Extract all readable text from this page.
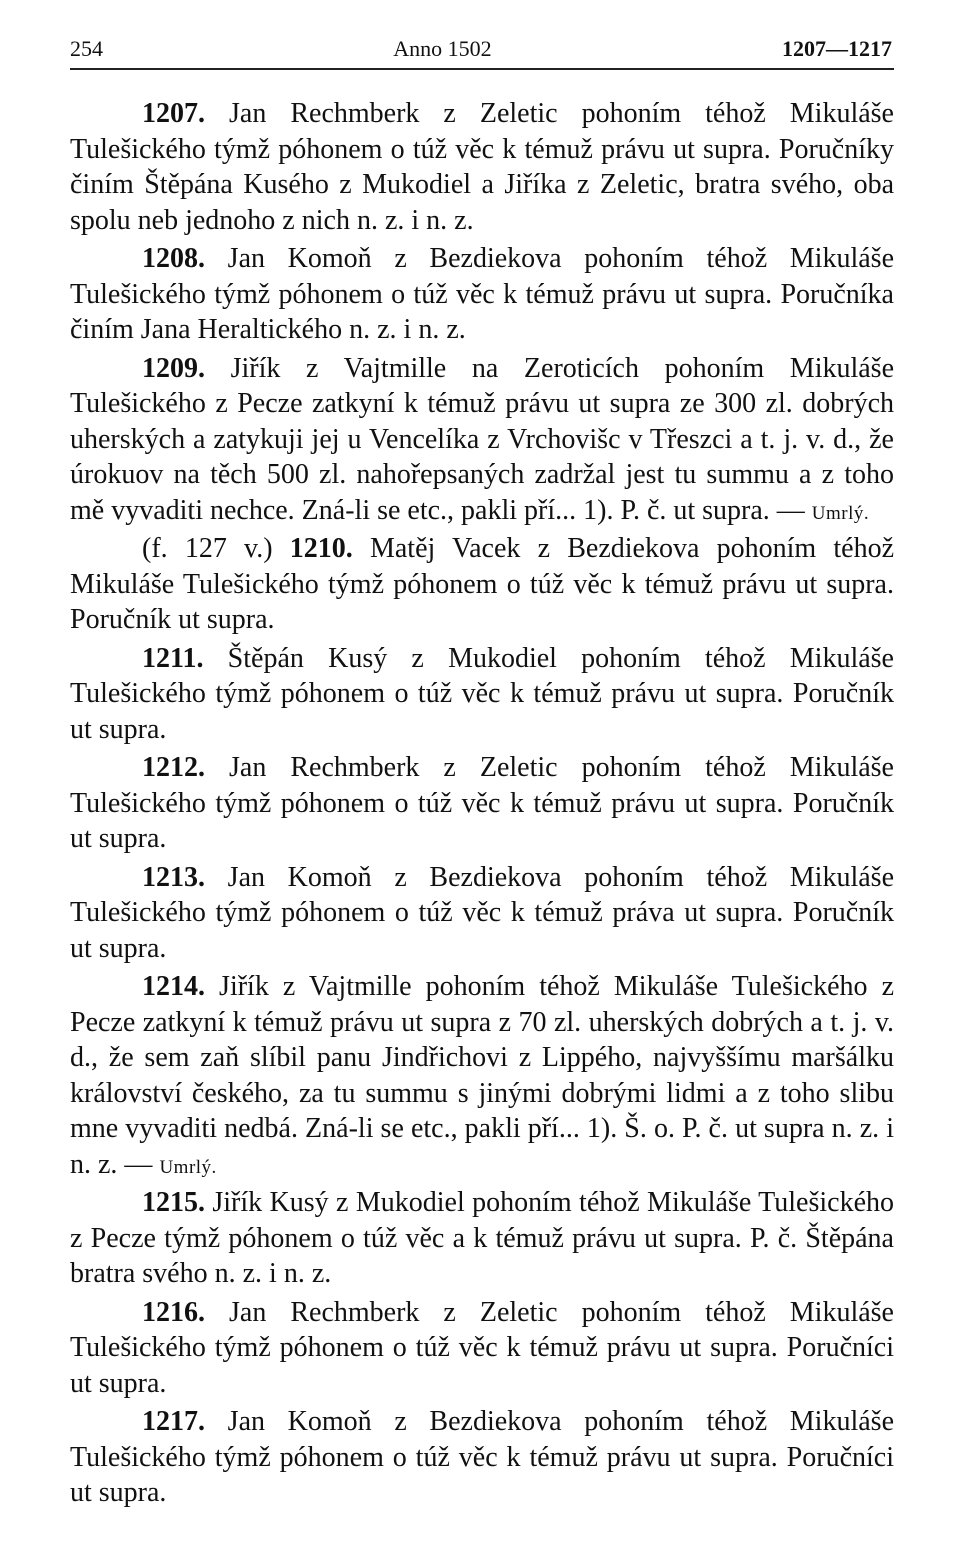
254	Anno 1502	1207—1217

1207. Jan Rechmberk z Zeletic pohoním téhož Mikuláše Tulešického týmž póhonem o túž věc k témuž právu ut supra. Poručníky činím Štěpána Kusého z Mukodiel a Jiříka z Zeletic, bratra svého, oba spolu neb jednoho z nich n. z. i n. z.

1208. Jan Komoň z Bezdiekova pohoním téhož Mikuláše Tulešického týmž póhonem o túž věc k témuž právu ut supra. Poručníka činím Jana Heraltického n. z. i n. z.

1209. Jiřík z Vajtmille na Zeroticích pohoním Mikuláše Tulešického z Pecze zatkyní k témuž právu ut supra ze 300 zl. dobrých uherských a zatykuji jej u Vencelíka z Vrchovišc v Třeszci a t. j. v. d., že úrokuov na těch 500 zl. nahořepsaných zadržal jest tu summu a z toho mě vyvaditi nechce. Zná-li se etc., pakli pří... 1). P. č. ut supra. — Umrlý.

(f. 127 v.) 1210. Matěj Vacek z Bezdiekova pohoním téhož Mikuláše Tulešického týmž póhonem o túž věc k témuž právu ut supra. Poručník ut supra.

1211. Štěpán Kusý z Mukodiel pohoním téhož Mikuláše Tulešického týmž póhonem o túž věc k témuž právu ut supra. Poručník ut supra.

1212. Jan Rechmberk z Zeletic pohoním téhož Mikuláše Tulešického týmž póhonem o túž věc k témuž právu ut supra. Poručník ut supra.

1213. Jan Komoň z Bezdiekova pohoním téhož Mikuláše Tulešického týmž póhonem o túž věc k témuž práva ut supra. Poručník ut supra.

1214. Jiřík z Vajtmille pohoním téhož Mikuláše Tulešického z Pecze zatkyní k témuž právu ut supra z 70 zl. uherských dobrých a t. j. v. d., že sem zaň slíbil panu Jindřichovi z Lippého, najvyššímu maršálku království českého, za tu summu s jinými dobrými lidmi a z toho slibu mne vyvaditi nedbá. Zná-li se etc., pakli pří... 1). Š. o. P. č. ut supra n. z. i n. z. — Umrlý.

1215. Jiřík Kusý z Mukodiel pohoním téhož Mikuláše Tulešického z Pecze týmž póhonem o túž věc a k témuž právu ut supra. P. č. Štěpána bratra svého n. z. i n. z.

1216. Jan Rechmberk z Zeletic pohoním téhož Mikuláše Tulešického týmž póhonem o túž věc k témuž právu ut supra. Poručníci ut supra.

1217. Jan Komoň z Bezdiekova pohoním téhož Mikuláše Tulešického týmž póhonem o túž věc k témuž právu ut supra. Poručníci ut supra.
